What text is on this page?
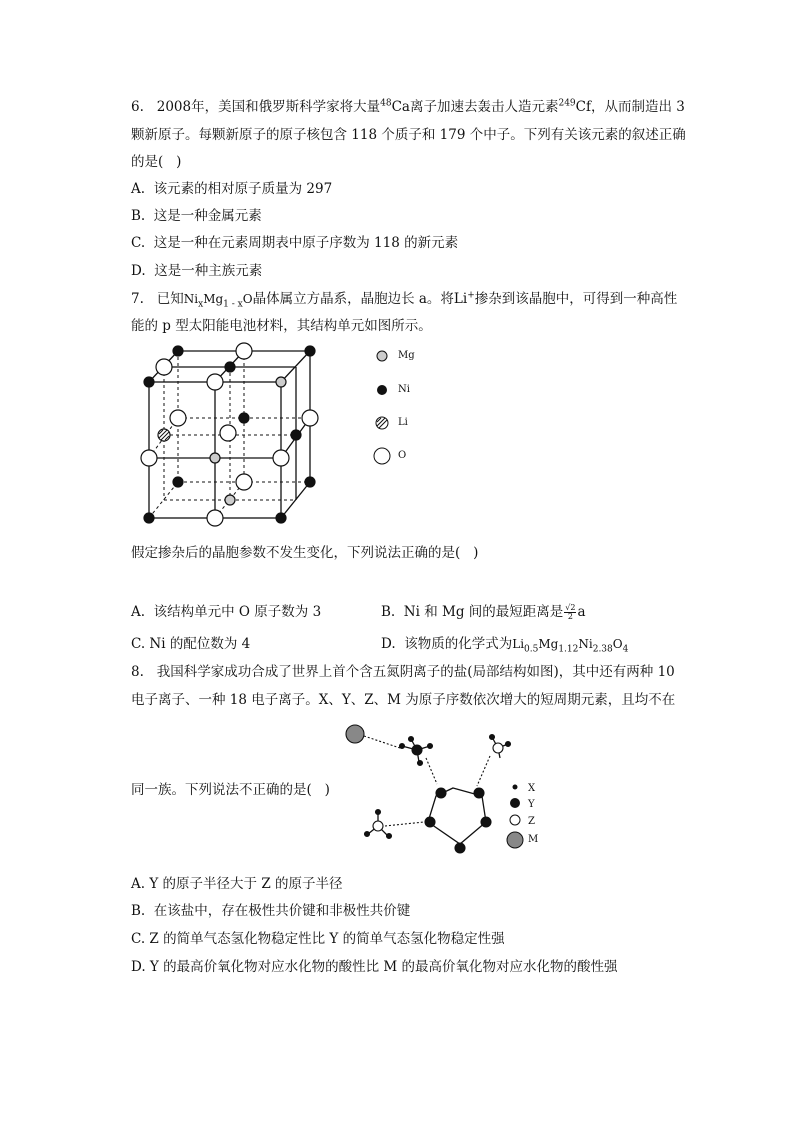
6.   2008年，美国和俄罗斯科学家将大量$^{48}$Ca离子加速去轰击人造元素$^{249}$Cf，从而制造出 3
颗新原子。每颗新原子的原子核包含 118 个质子和 179 个中子。下列有关该元素的叙述正确
的是(   )
A.  该元素的相对原子质量为 297
B.  这是一种金属元素
C.  这是一种在元素周期表中原子序数为 118 的新元素
D.  这是一种主族元素
7.   已知$Ni_xMg_{1 - x}O$晶体属立方晶系，晶胞边长 a。将Li+掺杂到该晶胞中，可得到一种高性
能的 p 型太阳能电池材料，其结构单元如图所示。
Mg
Ni
Li
O
假定掺杂后的晶胞参数不发生变化，下列说法正确的是(   )
A.  该结构单元中 O 原子数为 3	B.  Ni 和 Mg 间的最短距离是 $\frac{√2}{2}$ a
C. Ni 的配位数为 4	D.  该物质的化学式为$Li_{0.5}Mg_{1.12}Ni_{2.38}O_4$
8.   我国科学家成功合成了世界上首个含五氮阴离子的盐(局部结构如图)，其中还有两种 10
电子离子、一种 18 电子离子。X、Y、Z、M 为原子序数依次增大的短周期元素，且均不在
X
Y
Z
M
同一族。下列说法不正确的是(   )
A. Y 的原子半径大于 Z 的原子半径
B.  在该盐中，存在极性共价键和非极性共价键
C. Z 的简单气态氢化物稳定性比 Y 的简单气态氢化物稳定性强
D. Y 的最高价氧化物对应水化物的酸性比 M 的最高价氧化物对应水化物的酸性强
